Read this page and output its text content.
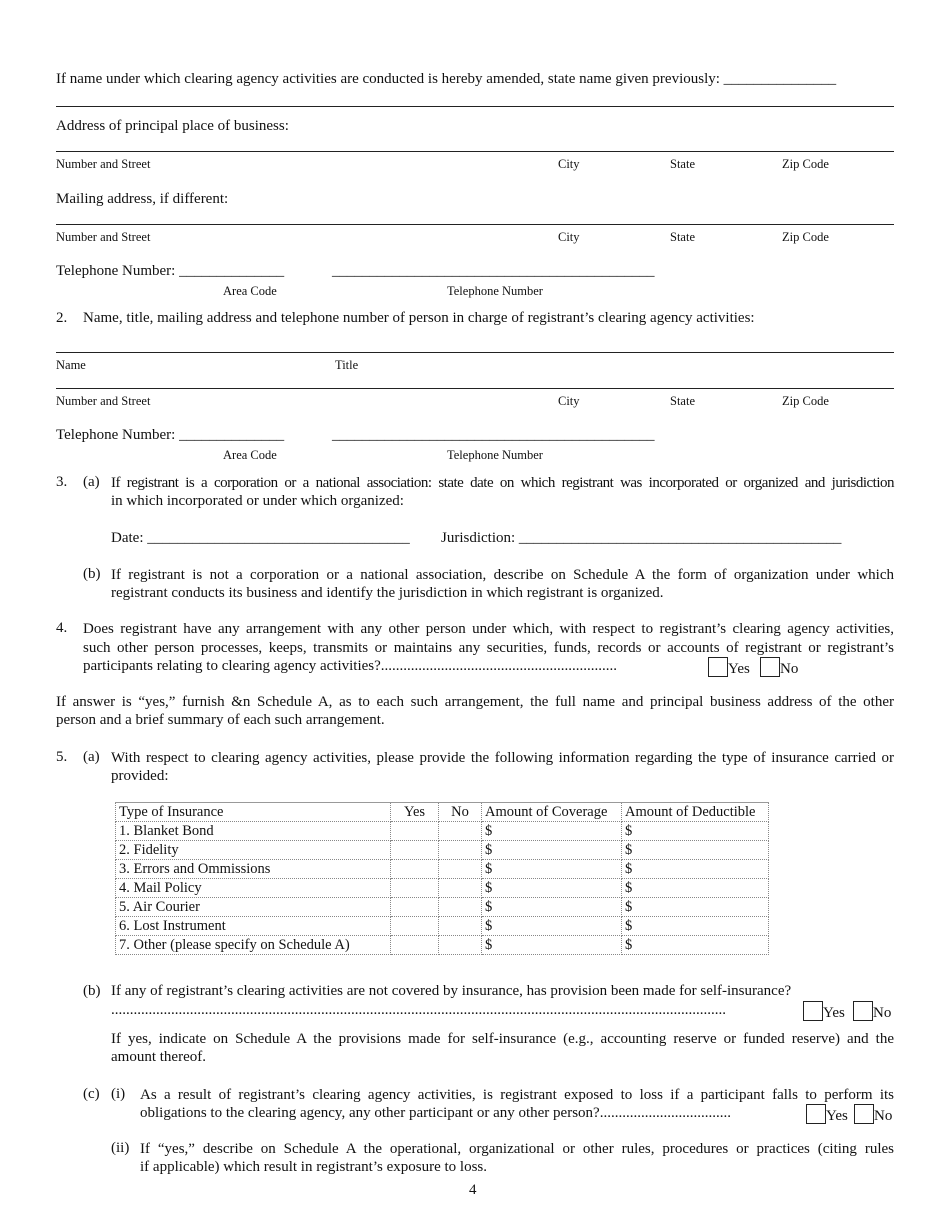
If name under which clearing agency activities are conducted is hereby amended, state name given previously: _______________
Address of principal place of business:
Number and Street	City	State	Zip Code
Mailing address, if different:
Number and Street	City	State	Zip Code
Telephone Number: ______________	___________________________________________
Area Code	Telephone Number
2. Name, title, mailing address and telephone number of person in charge of registrant’s clearing agency activities:
Name	Title
Number and Street	City	State	Zip Code
Telephone Number: ______________	___________________________________________
Area Code	Telephone Number
3. (a) If registrant is a corporation or a national association: state date on which registrant was incorporated or organized and jurisdiction
in which incorporated or under which organized:
Date: ___________________________________ Jurisdiction: ___________________________________________
(b) If registrant is not a corporation or a national association, describe on Schedule A the form of organization under which
registrant conducts its business and identify the jurisdiction in which registrant is organized.
4. Does registrant have any arrangement with any other person under which, with respect to registrant’s clearing agency activities,
such other person processes, keeps, transmits or maintains any securities, funds, records or accounts of registrant or registrant’s
participants relating to clearing agency activities?...............................................................	Yes	No
If answer is “yes,” furnish &n Schedule A, as to each such arrangement, the full name and principal business address of the other
person and a brief summary of each such arrangement.
5. (a) With respect to clearing agency activities, please provide the following information regarding the type of insurance carried or
provided:
Type of Insurance	Yes	No	Amount of Coverage	Amount of Deductible
1. Blanket Bond			$	$
2. Fidelity			$	$
3. Errors and Ommissions			$	$
4. Mail Policy			$	$
5. Air Courier			$	$
6. Lost Instrument			$	$
7. Other (please specify on Schedule A)			$	$
(b) If any of registrant’s clearing activities are not covered by insurance, has provision been made for self-insurance?
....................................................................................................................................................................	Yes	No
If yes, indicate on Schedule A the provisions made for self-insurance (e.g., accounting reserve or funded reserve) and the
amount thereof.
(c) (i) As a result of registrant’s clearing agency activities, is registrant exposed to loss if a participant falls to perform its
obligations to the clearing agency, any other participant or any other person?...................................	Yes	No
(ii) If “yes,” describe on Schedule A the operational, organizational or other rules, procedures or practices (citing rules
if applicable) which result in registrant’s exposure to loss.
4
